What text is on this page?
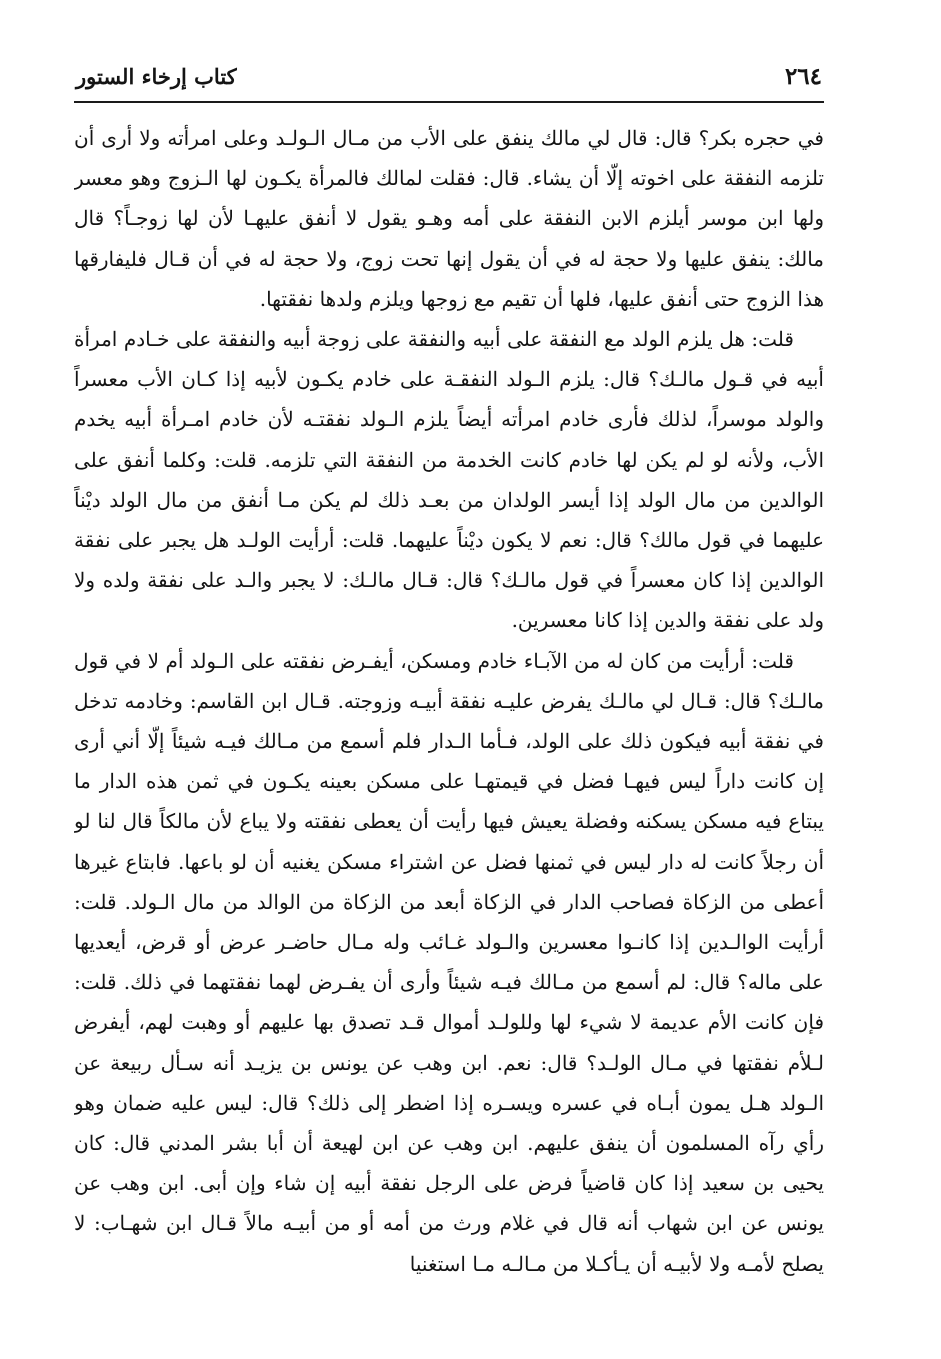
٢٦٤
كتاب إرخاء الستور

في حجره بكر؟ قال: قال لي مالك ينفق على الأب من مـال الـولـد وعلى امرأته ولا أرى أن تلزمه النفقة على اخوته إلّا أن يشاء. قال: فقلت لمالك فالمرأة يكـون لها الـزوج وهو معسر ولها ابن موسر أيلزم الابن النفقة على أمه وهـو يقول لا أنفق عليهـا لأن لها زوجـاً؟ قال مالك: ينفق عليها ولا حجة له في أن يقول إنها تحت زوج، ولا حجة له في أن قـال فليفارقها هذا الزوج حتى أنفق عليها، فلها أن تقيم مع زوجها ويلزم ولدها نفقتها.

قلت: هل يلزم الولد مع النفقة على أبيه والنفقة على زوجة أبيه والنفقة على خـادم امرأة أبيه في قـول مالـك؟ قال: يلزم الـولد النفقـة على خادم يكـون لأبيه إذا كـان الأب معسراً والولد موسراً، لذلك فأرى خادم امرأته أيضاً يلزم الـولد نفقتـه لأن خادم امـرأة أبيه يخدم الأب، ولأنه لو لم يكن لها خادم كانت الخدمة من النفقة التي تلزمه. قلت: وكلما أنفق على الوالدين من مال الولد إذا أيسر الولدان من بعـد ذلك لم يكن مـا أنفق من مال الولد ديْناً عليهما في قول مالك؟ قال: نعم لا يكون ديْناً عليهما. قلت: أرأيت الولـد هل يجبر على نفقة الوالدين إذا كان معسراً في قول مالـك؟ قال: قـال مالـك: لا يجبر والـد على نفقة ولده ولا ولد على نفقة والدين إذا كانا معسرين.

قلت: أرأيت من كان له من الآبـاء خادم ومسكن، أيفـرض نفقته على الـولد أم لا في قول مالـك؟ قال: قـال لي مالـك يفرض عليـه نفقة أبيـه وزوجته. قـال ابن القاسم: وخادمه تدخل في نفقة أبيه فيكون ذلك على الولد، فـأما الـدار فلم أسمع من مـالك فيـه شيئاً إلّا أني أرى إن كانت داراً ليس فيهـا فضل في قيمتهـا على مسكن بعينه يكـون في ثمن هذه الدار ما يبتاع فيه مسكن يسكنه وفضلة يعيش فيها رأيت أن يعطى نفقته ولا يباع لأن مالكاً قال لنا لو أن رجلاً كانت له دار ليس في ثمنها فضل عن اشتراء مسكن يغنيه أن لو باعها. فابتاع غيرها أعطى من الزكاة فصاحب الدار في الزكاة أبعد من الزكاة من الوالد من مال الـولد. قلت: أرأيت الوالـدين إذا كانـوا معسرين والـولد غـائب وله مـال حاضـر عرض أو قرض، أيعديها على ماله؟ قال: لم أسمع من مـالك فيـه شيئاً وأرى أن يفـرض لهما نفقتهما في ذلك. قلت: فإن كانت الأم عديمة لا شيء لها وللولـد أموال قـد تصدق بها عليهم أو وهبت لهم، أيفرض لـلأم نفقتها في مـال الولـد؟ قال: نعم. ابن وهب عن يونس بن يزيـد أنه سـأل ربيعة عن الـولد هـل يمون أبـاه في عسره ويسـره إذا اضطر إلى ذلك؟ قال: ليس عليه ضمان وهو رأي رآه المسلمون أن ينفق عليهم. ابن وهب عن ابن لهيعة أن أبا بشر المدني قال: كان يحيى بن سعيد إذا كان قاضياً فرض على الرجل نفقة أبيه إن شاء وإن أبى. ابن وهب عن يونس عن ابن شهاب أنه قال في غلام ورث من أمه أو من أبيـه مالاً قـال ابن شهـاب: لا يصلح لأمـه ولا لأبيـه أن يـأكـلا من مـالـه مـا استغنيا
